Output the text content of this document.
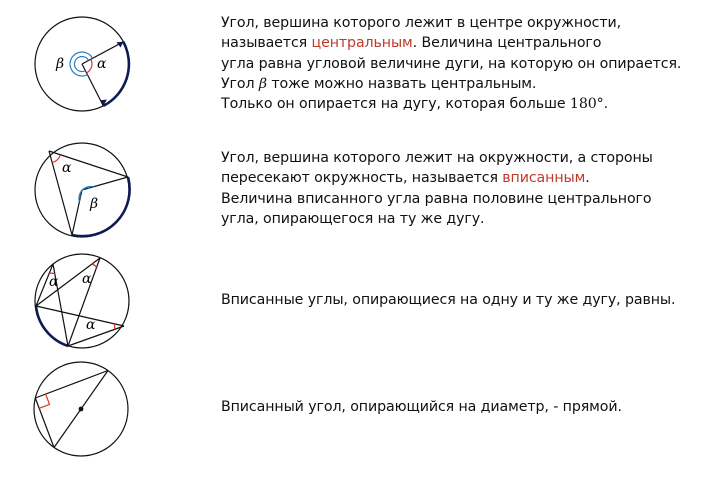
α
β
α
β
α α
α
Угол, вершина которого лежит в центре окружности,
называется центральным. Величина центрального
угла равна угловой величине дуги, на которую он опирается.
Угол β тоже можно назвать центральным.
Только он опирается на дугу, которая больше 180°.
Угол, вершина которого лежит на окружности, а стороны
пересекают окружность, называется вписанным.
Величина вписанного угла равна половине центрального
угла, опирающегося на ту же дугу.
Вписанные углы, опирающиеся на одну и ту же дугу, равны.
Вписанный угол, опирающийся на диаметр, - прямой.
